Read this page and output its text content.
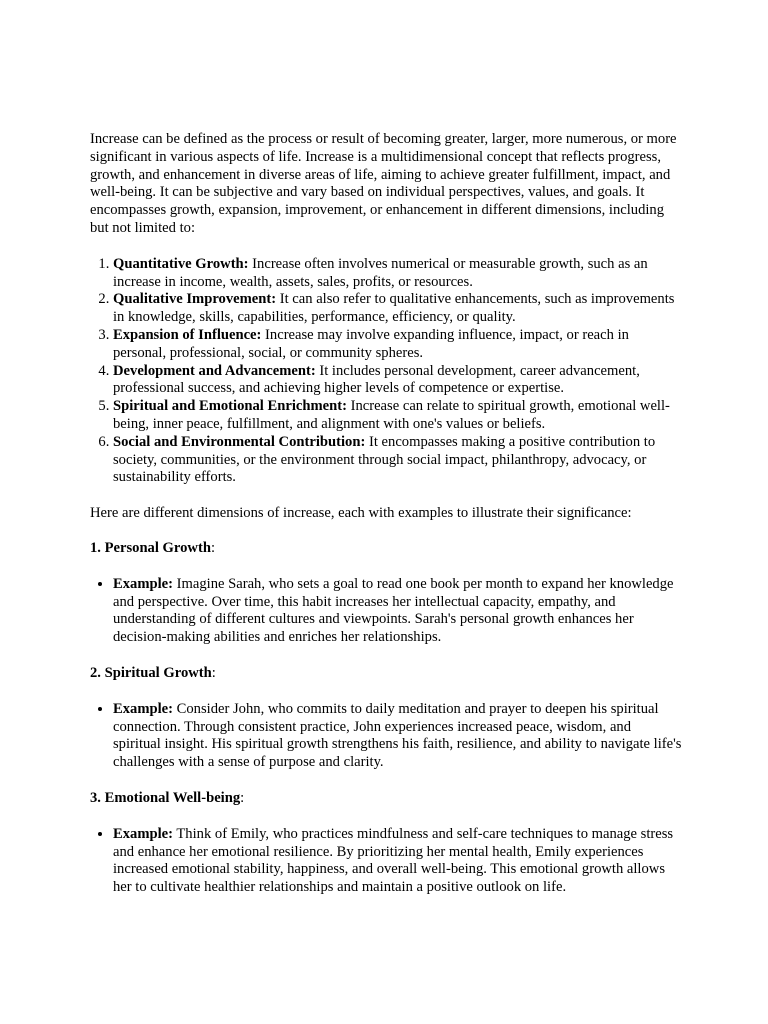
Increase can be defined as the process or result of becoming greater, larger, more numerous, or more significant in various aspects of life. Increase is a multidimensional concept that reflects progress, growth, and enhancement in diverse areas of life, aiming to achieve greater fulfillment, impact, and well-being. It can be subjective and vary based on individual perspectives, values, and goals. It encompasses growth, expansion, improvement, or enhancement in different dimensions, including but not limited to:

1. Quantitative Growth: Increase often involves numerical or measurable growth, such as an increase in income, wealth, assets, sales, profits, or resources.
2. Qualitative Improvement: It can also refer to qualitative enhancements, such as improvements in knowledge, skills, capabilities, performance, efficiency, or quality.
3. Expansion of Influence: Increase may involve expanding influence, impact, or reach in personal, professional, social, or community spheres.
4. Development and Advancement: It includes personal development, career advancement, professional success, and achieving higher levels of competence or expertise.
5. Spiritual and Emotional Enrichment: Increase can relate to spiritual growth, emotional well-being, inner peace, fulfillment, and alignment with one's values or beliefs.
6. Social and Environmental Contribution: It encompasses making a positive contribution to society, communities, or the environment through social impact, philanthropy, advocacy, or sustainability efforts.

Here are different dimensions of increase, each with examples to illustrate their significance:

1. Personal Growth:

• Example: Imagine Sarah, who sets a goal to read one book per month to expand her knowledge and perspective. Over time, this habit increases her intellectual capacity, empathy, and understanding of different cultures and viewpoints. Sarah's personal growth enhances her decision-making abilities and enriches her relationships.

2. Spiritual Growth:

• Example: Consider John, who commits to daily meditation and prayer to deepen his spiritual connection. Through consistent practice, John experiences increased peace, wisdom, and spiritual insight. His spiritual growth strengthens his faith, resilience, and ability to navigate life's challenges with a sense of purpose and clarity.

3. Emotional Well-being:

• Example: Think of Emily, who practices mindfulness and self-care techniques to manage stress and enhance her emotional resilience. By prioritizing her mental health, Emily experiences increased emotional stability, happiness, and overall well-being. This emotional growth allows her to cultivate healthier relationships and maintain a positive outlook on life.
